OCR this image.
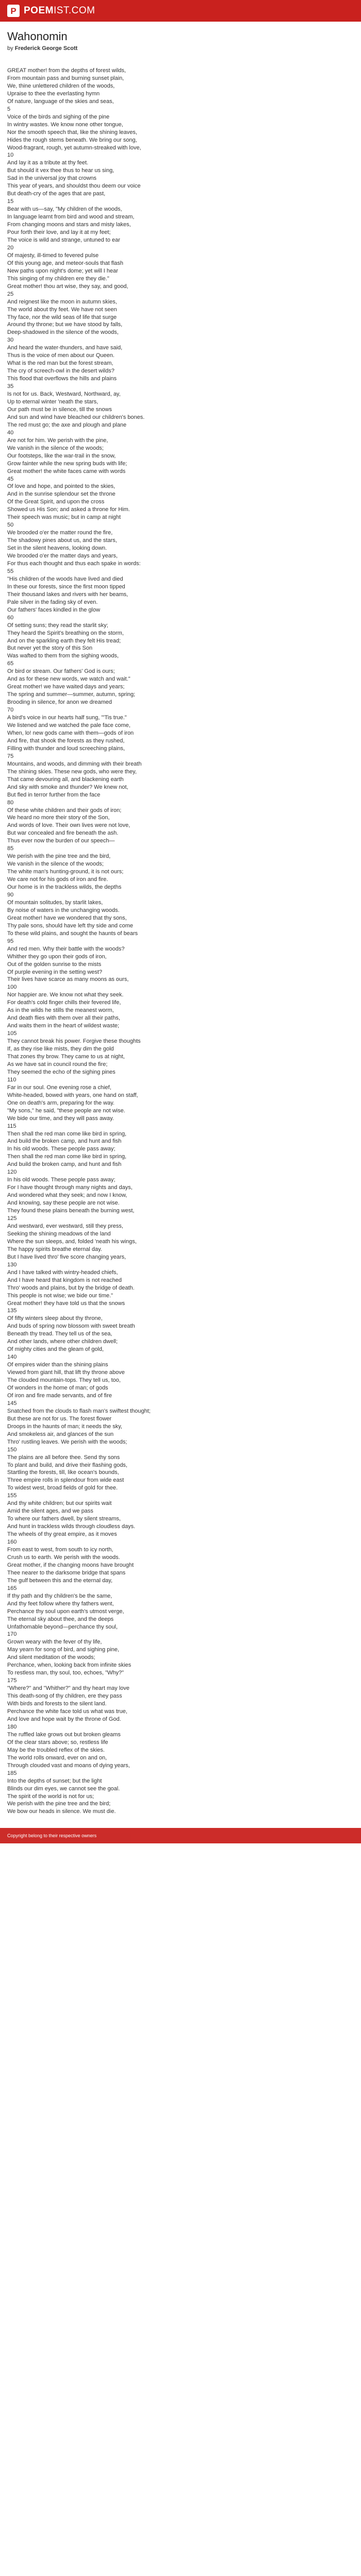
P POEMIST.COM
Wahonomin
by Frederick George Scott
GREAT mother! from the depths of forest wilds,
From mountain pass and burning sunset plain,
We, thine unlettered children of the woods,
Upraise to thee the everlasting hymn
Of nature, language of the skies and seas,
5
Voice of the birds and sighing of the pine
In wintry wastes. We know none other tongue,
Nor the smooth speech that, like the shining leaves,
Hides the rough stems beneath. We bring our song,
Wood-fragrant, rough, yet autumn-streaked with love,
10
And lay it as a tribute at thy feet.
But should it vex thee thus to hear us sing,
Sad in the universal joy that crowns
This year of years, and shouldst thou deem our voice
But death-cry of the ages that are past,
15
Bear with us—say, "My children of the woods,
In language learnt from bird and wood and stream,
From changing moons and stars and misty lakes,
Pour forth their love, and lay it at my feet;
The voice is wild and strange, untuned to ear
20
Of majesty, ill-timed to fevered pulse
Of this young age, and meteor-souls that flash
New paths upon night's dome; yet will I hear
This singing of my children ere they die."
Great mother! thou art wise, they say, and good,
25
And reignest like the moon in autumn skies,
The world about thy feet. We have not seen
Thy face, nor the wild seas of life that surge
Around thy throne; but we have stood by falls,
Deep-shadowed in the silence of the woods,
30
And heard the water-thunders, and have said,
Thus is the voice of men about our Queen.
What is the red man but the forest stream,
The cry of screech-owl in the desert wilds?
This flood that overflows the hills and plains
35
Is not for us. Back, Westward, Northward, ay,
Up to eternal winter 'neath the stars,
Our path must be in silence, till the snows
And sun and wind have bleached our children's bones.
The red must go; the axe and plough and plane
40
Are not for him. We perish with the pine,
We vanish in the silence of the woods;
Our footsteps, like the war-trail in the snow,
Grow fainter while the new spring buds with life;
Great mother! the white faces came with words
45
Of love and hope, and pointed to the skies,
And in the sunrise splendour set the throne
Of the Great Spirit, and upon the cross
Showed us His Son; and asked a throne for Him.
Their speech was music; but in camp at night
50
We brooded o'er the matter round the fire,
The shadowy pines about us, and the stars,
Set in the silent heavens, looking down.
We brooded o'er the matter days and years,
For thus each thought and thus each spake in words:
55
"His children of the woods have lived and died
In these our forests, since the first moon tipped
Their thousand lakes and rivers with her beams,
Pale silver in the fading sky of even.
Our fathers' faces kindled in the glow
60
Of setting suns; they read the starlit sky;
They heard the Spirit's breathing on the storm,
And on the sparkling earth they felt His tread;
But never yet the story of this Son
Was wafted to them from the sighing woods,
65
Or bird or stream. Our fathers' God is ours;
And as for these new words, we watch and wait."
Great mother! we have waited days and years;
The spring and summer—summer, autumn, spring;
Brooding in silence, for anon we dreamed
70
A bird's voice in our hearts half sung, "'Tis true."
We listened and we watched the pale face come,
When, lo! new gods came with them—gods of iron
And fire, that shook the forests as they rushed,
Filling with thunder and loud screeching plains,
75
Mountains, and woods, and dimming with their breath
The shining skies. These new gods, who were they,
That came devouring all, and blackening earth
And sky with smoke and thunder? We knew not,
But fled in terror further from the face
80
Of these white children and their gods of iron;
We heard no more their story of the Son,
And words of love. Their own lives were not love,
But war concealed and fire beneath the ash.
Thus ever now the burden of our speech—
85
We perish with the pine tree and the bird,
We vanish in the silence of the woods;
The white man's hunting-ground, it is not ours;
We care not for his gods of iron and fire.
Our home is in the trackless wilds, the depths
90
Of mountain solitudes, by starlit lakes,
By noise of waters in the unchanging woods.
Great mother! have we wondered that thy sons,
Thy pale sons, should have left thy side and come
To these wild plains, and sought the haunts of bears
95
And red men. Why their battle with the woods?
Whither they go upon their gods of iron,
Out of the golden sunrise to the mists
Of purple evening in the setting west?
Their lives have scarce as many moons as ours,
100
Nor happier are. We know not what they seek.
For death's cold finger chills their fevered life,
As in the wilds he stills the meanest worm,
And death flies with them over all their paths,
And waits them in the heart of wildest waste;
105
They cannot break his power. Forgive these thoughts
If, as they rise like mists, they dim the gold
That zones thy brow. They came to us at night,
As we have sat in council round the fire;
They seemed the echo of the sighing pines
110
Far in our soul. One evening rose a chief,
White-headed, bowed with years, one hand on staff,
One on death's arm, preparing for the way.
"My sons," he said, "these people are not wise.
We bide our time, and they will pass away.
115
Then shall the red man come like bird in spring,
And build the broken camp, and hunt and fish
In his old woods. These people pass away;
Then shall the red man come like bird in spring,
And build the broken camp, and hunt and fish
120
In his old woods. These people pass away;
For I have thought through many nights and days,
And wondered what they seek; and now I know,
And knowing, say these people are not wise.
They found these plains beneath the burning west,
125
And westward, ever westward, still they press,
Seeking the shining meadows of the land
Where the sun sleeps, and, folded 'neath his wings,
The happy spirits breathe eternal day.
But I have lived thro' five score changing years,
130
And I have talked with wintry-headed chiefs,
And I have heard that kingdom is not reached
Thro' woods and plains, but by the bridge of death.
This people is not wise; we bide our time."
Great mother! they have told us that the snows
135
Of fifty winters sleep about thy throne,
And buds of spring now blossom with sweet breath
Beneath thy tread. They tell us of the sea,
And other lands, where other children dwell;
Of mighty cities and the gleam of gold,
140
Of empires wider than the shining plains
Viewed from giant hill, that lift thy throne above
The clouded mountain-tops. They tell us, too,
Of wonders in the home of man; of gods
Of iron and fire made servants, and of fire
145
Snatched from the clouds to flash man's swiftest thought;
But these are not for us. The forest flower
Droops in the haunts of man; it needs the sky,
And smokeless air, and glances of the sun
Thro' rustling leaves. We perish with the woods;
150
The plains are all before thee. Send thy sons
To plant and build, and drive their flashing gods,
Startling the forests, till, like ocean's bounds,
Three empire rolls in splendour from wide east
To widest west, broad fields of gold for thee.
155
And thy white children; but our spirits wait
Amid the silent ages, and we pass
To where our fathers dwell, by silent streams,
And hunt in trackless wilds through cloudless days.
The wheels of thy great empire, as it moves
160
From east to west, from south to icy north,
Crush us to earth. We perish with the woods.
Great mother, if the changing moons have brought
Thee nearer to the darksome bridge that spans
The gulf between this and the eternal day,
165
If thy path and thy children's be the same,
And thy feet follow where thy fathers went,
Perchance thy soul upon earth's utmost verge,
The eternal sky about thee, and the deeps
Unfathomable beyond—perchance thy soul,
170
Grown weary with the fever of thy life,
May yearn for song of bird, and sighing pine,
And silent meditation of the woods;
Perchance, when, looking back from infinite skies
To restless man, thy soul, too, echoes, "Why?"
175
"Where?" and "Whither?" and thy heart may love
This death-song of thy children, ere they pass
With birds and forests to the silent land.
Perchance the white face told us what was true,
And love and hope wait by the throne of God.
180
The ruffled lake grows out but broken gleams
Of the clear stars above; so, restless life
May be the troubled reflex of the skies.
The world rolls onward, ever on and on,
Through clouded vast and moans of dying years,
185
Into the depths of sunset; but the light
Blinds our dim eyes, we cannot see the goal.
The spirit of the world is not for us;
We perish with the pine tree and the bird;
We bow our heads in silence. We must die.
Copyright belong to their respective owners
